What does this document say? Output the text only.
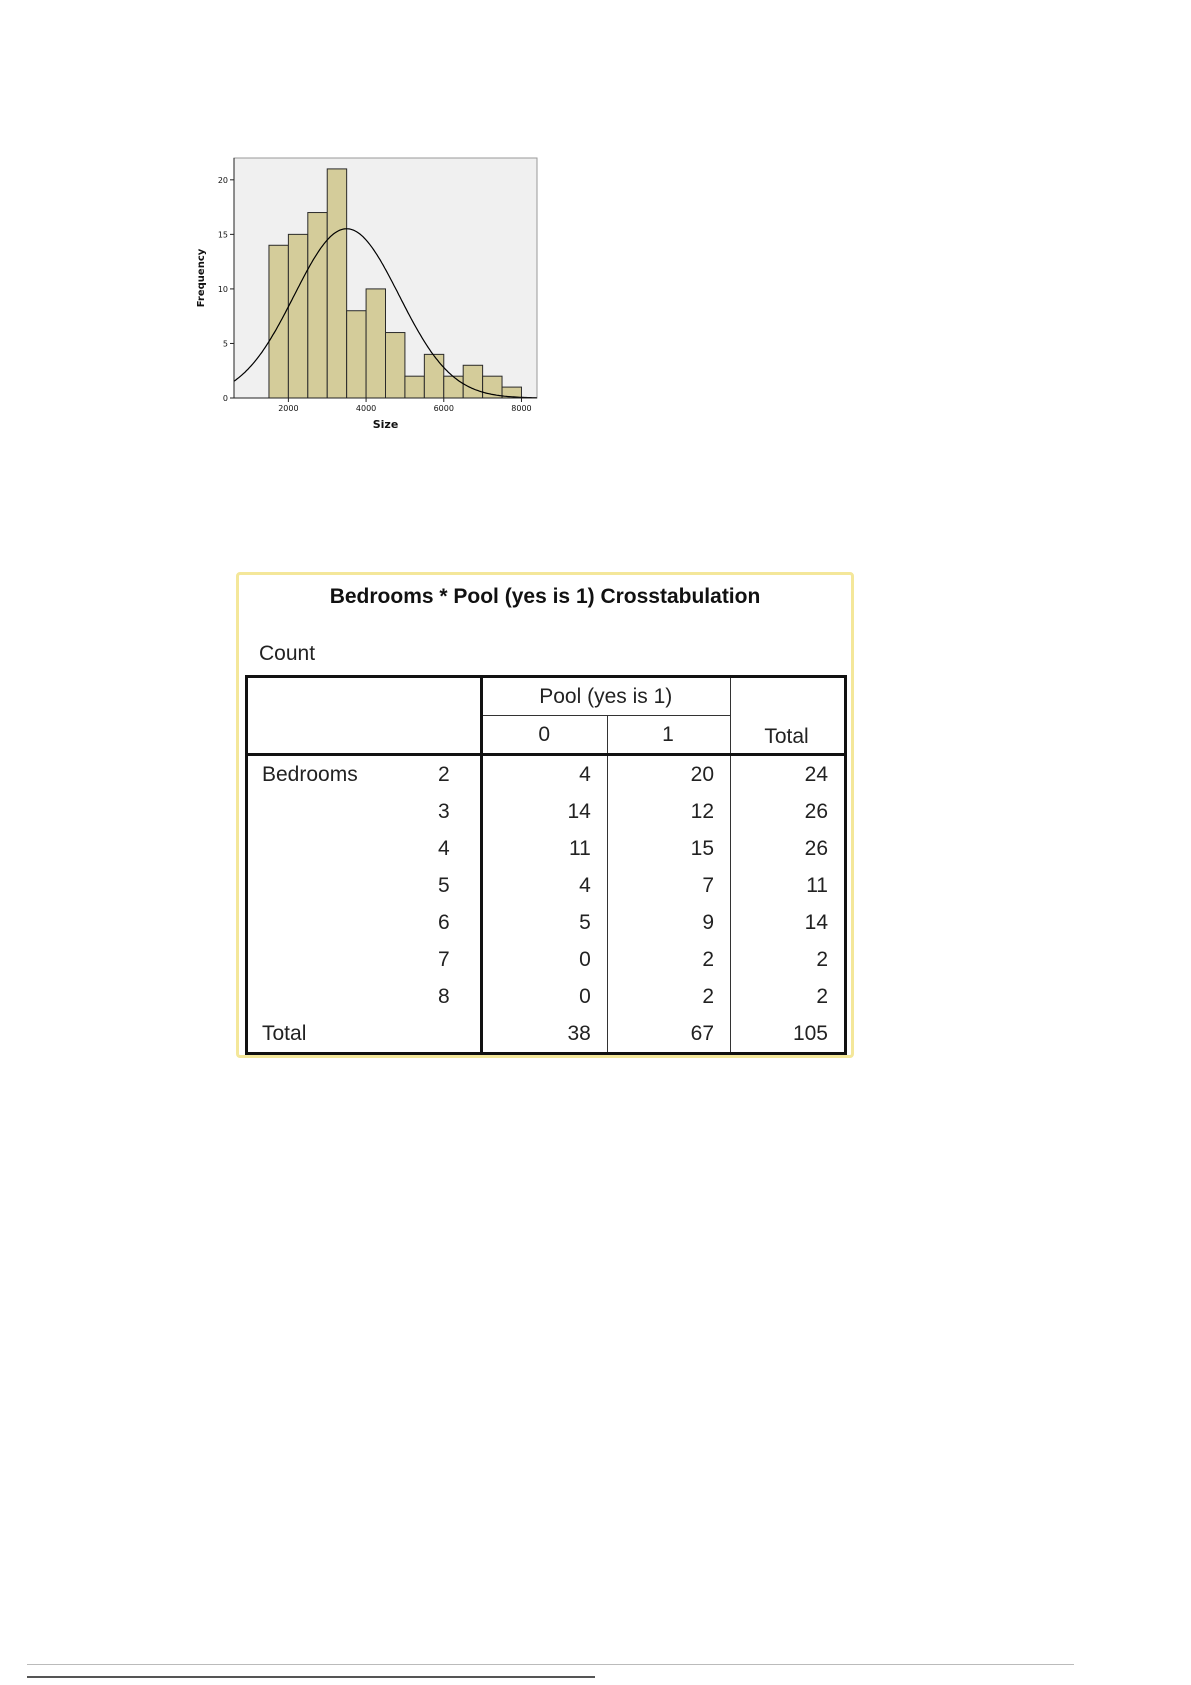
0
5
10
15
20
2000	4000	6000	8000
Size
Frequency
Bedrooms * Pool (yes is 1) Crosstabulation
Count
		Pool (yes is 1)		Total
		0	1	
Bedrooms	2	4	20	24
	3	14	12	26
	4	11	15	26
	5	4	7	11
	6	5	9	14
	7	0	2	2
	8	0	2	2
Total		38	67	105
